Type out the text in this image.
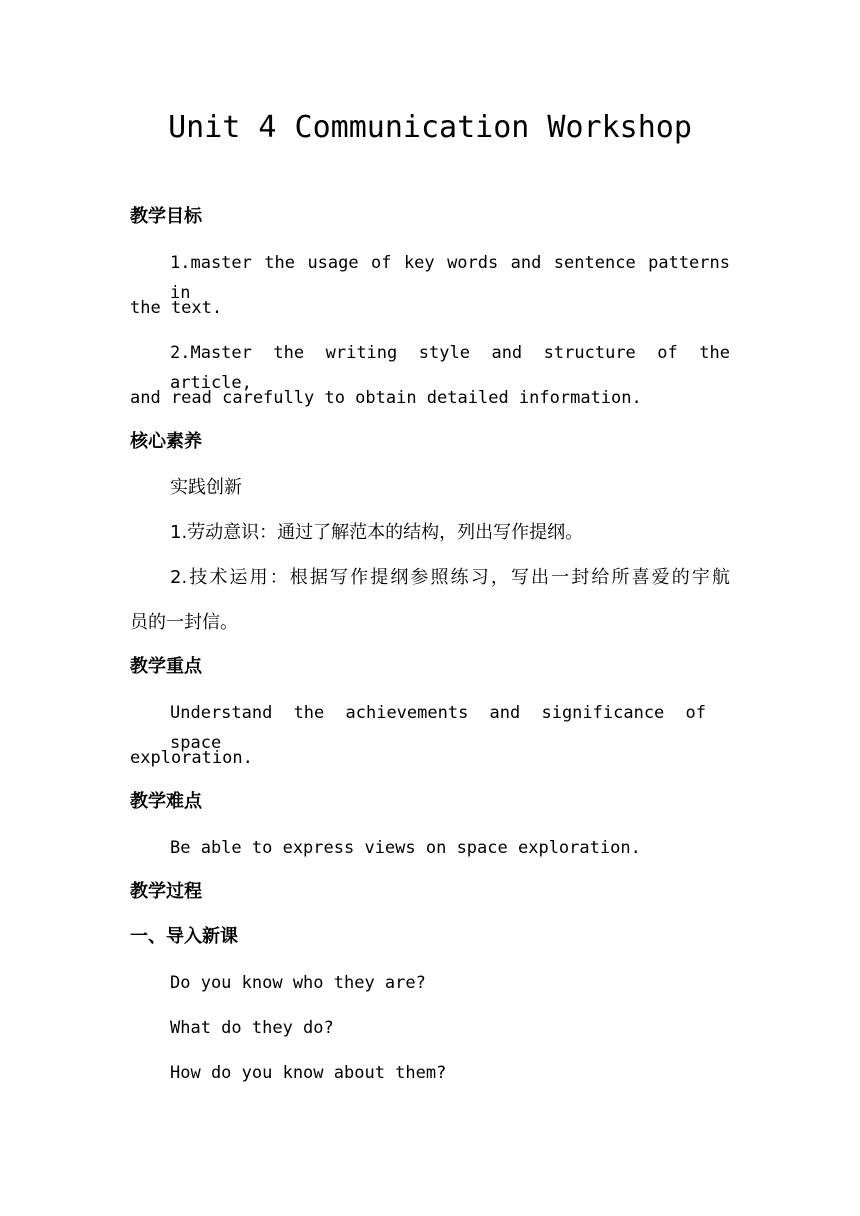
Unit 4 Communication Workshop

教学目标

1.master the usage of key words and sentence patterns in

the text.

2.Master the writing style and structure of the article,

and read carefully to obtain detailed information.

核心素养

实践创新

1.劳动意识：通过了解范本的结构，列出写作提纲。

2.技术运用：根据写作提纲参照练习，写出一封给所喜爱的宇航

员的一封信。

教学重点

Understand the achievements and significance of space

exploration.

教学难点

Be able to express views on space exploration.

教学过程

一、导入新课

Do you know who they are?

What do they do?

How do you know about them?
